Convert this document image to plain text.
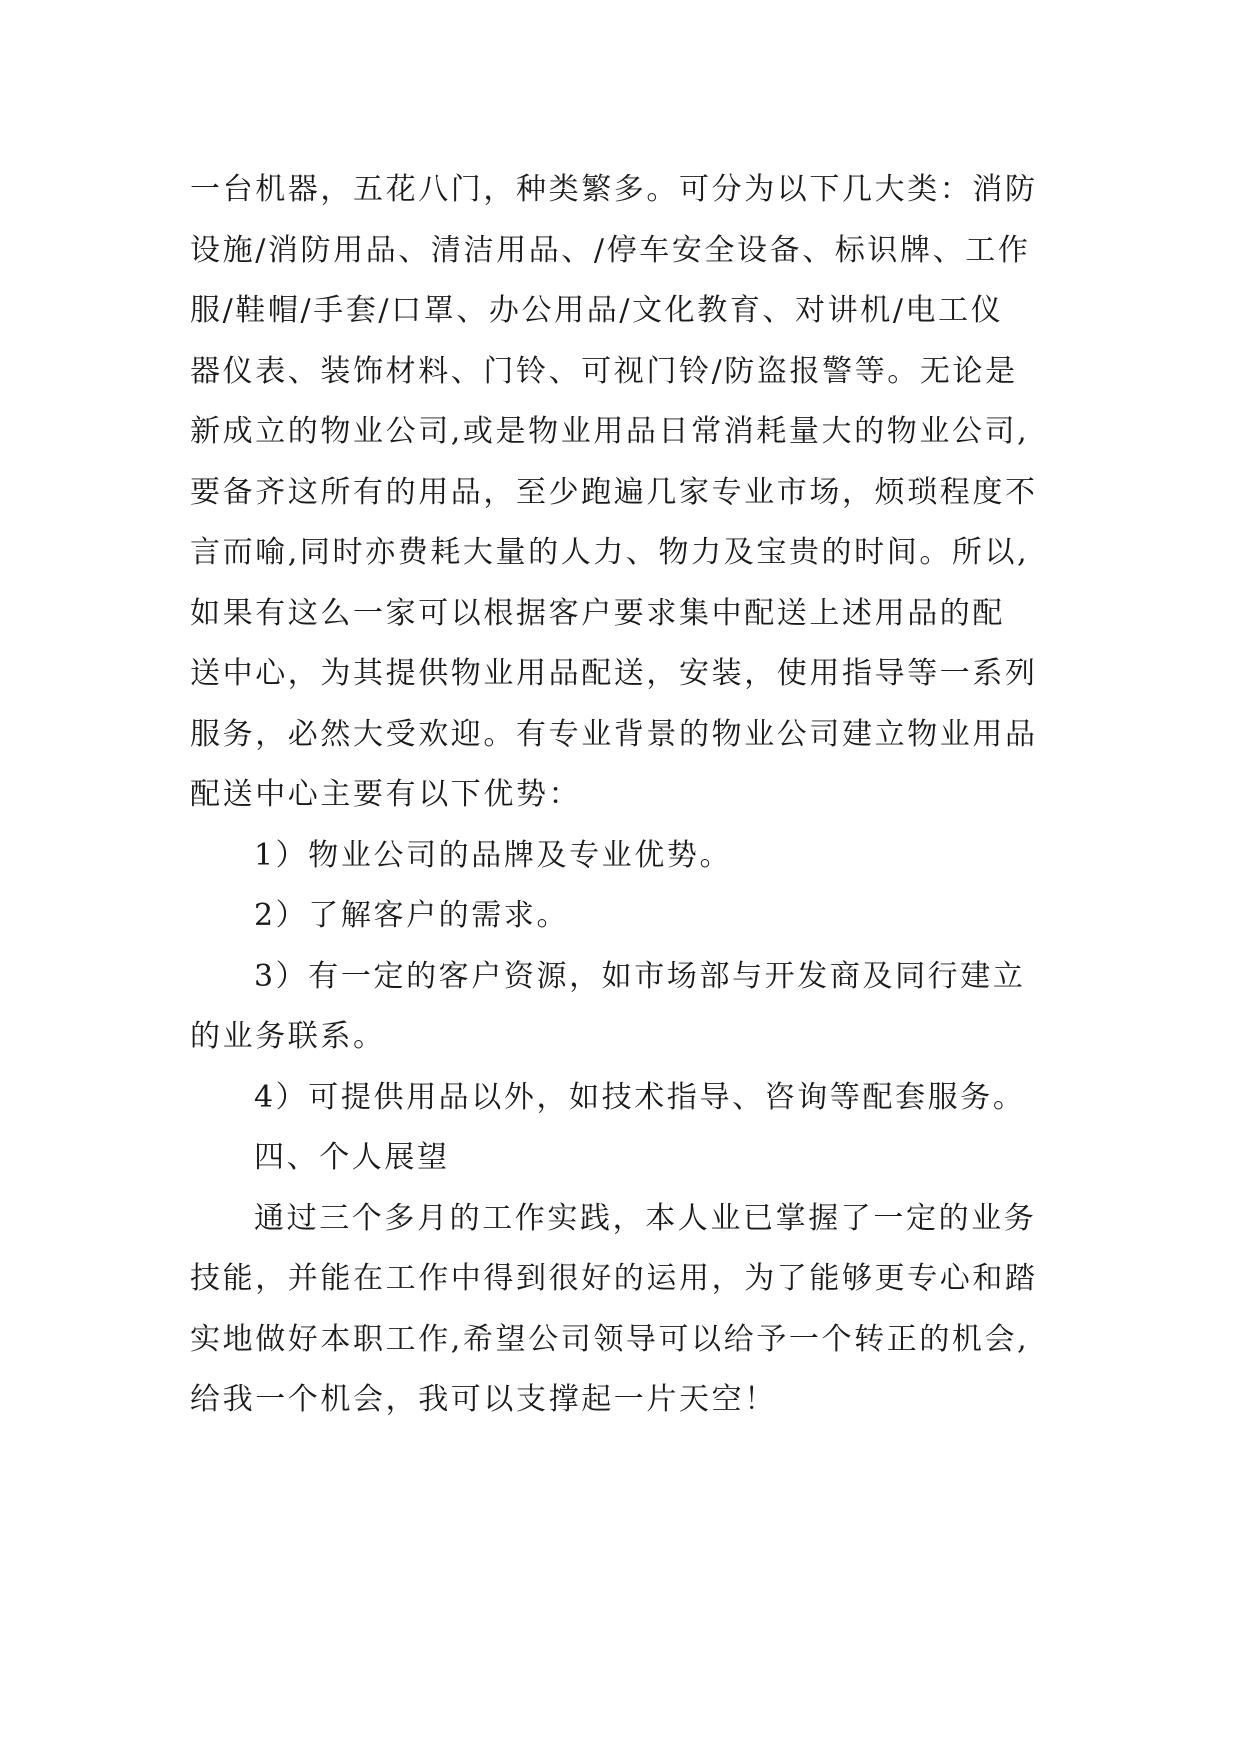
一台机器，五花八门，种类繁多。可分为以下几大类：消防
设施/消防用品、清洁用品、/停车安全设备、标识牌、工作
服/鞋帽/手套/口罩、办公用品/文化教育、对讲机/电工仪
器仪表、装饰材料、门铃、可视门铃/防盗报警等。无论是
新成立的物业公司,或是物业用品日常消耗量大的物业公司,
要备齐这所有的用品，至少跑遍几家专业市场，烦琐程度不
言而喻,同时亦费耗大量的人力、物力及宝贵的时间。所以,
如果有这么一家可以根据客户要求集中配送上述用品的配
送中心，为其提供物业用品配送，安装，使用指导等一系列
服务，必然大受欢迎。有专业背景的物业公司建立物业用品
配送中心主要有以下优势：
1）物业公司的品牌及专业优势。
2）了解客户的需求。
3）有一定的客户资源，如市场部与开发商及同行建立
的业务联系。
4）可提供用品以外，如技术指导、咨询等配套服务。
四、个人展望
通过三个多月的工作实践，本人业已掌握了一定的业务
技能，并能在工作中得到很好的运用，为了能够更专心和踏
实地做好本职工作,希望公司领导可以给予一个转正的机会,
给我一个机会，我可以支撑起一片天空！
